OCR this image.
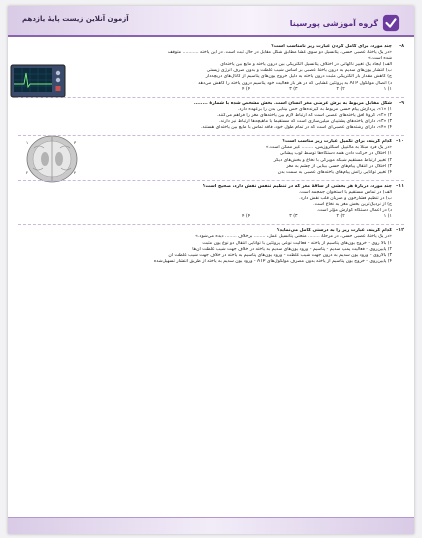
آزمون آنلاین زیست پایهٔ یازدهم	گروه آموزشی پورسینا
۱
۲
۳
۴
۸-
چند مورد، برای کامل کردن عبارت زیر نامناسب است؟
«در یک یاختهٔ عصبی حسی، پتانسیل دو سوی غشا مطابق شکل مقابل در حال ثبت است. در این یاخته ........... متوقف
شده است.»
الف) ایجاد یک تغییر ناگهانی در اختلاف پتانسیل الکتریکی بین درون یاخته و مایع بین یاخته‌ای
ب) انتشار یون‌های سدیم به درون یاختهٔ عصبی بر اساس شیب غلظت و بدون صرف انرژی زیستی
ج) کاهش مقدار بار الکتریکی مثبت درون یاخته به دلیل خروج یون‌های پتاسیم از کانال‌های دریچه‌دار
د) اتصال مولکول ATP به پروتئین غشایی که در هر بار فعالیت خود پتاسیم درون یاخته را کاهش می‌دهد
۱) ۱
۲) ۲
۳) ۳
۴) ۴
۹-
شکل مقابل مربوط به برش عرضی مغز انسان است. بخش مشخص شده با شمارهٔ ........
۱) «۱»، پردازش پیام حسی مربوط به گیرنده‌های حس بینایی بدن را برعهده دارد.
۲) «۲»، گروهٔ افق یاخته‌های عصبی است که ارتباط لازم بین یاخته‌های مغز را فراهم می‌کنند.
۳) «۳»، دارای یاخته‌های پشتیبان میلین‌سازی است که مستقیماً با ماهیچه‌ها ارتباط نیز دارند.
۴) «۴»، دارای رشته‌های عصبی‌ای است که در تمام طول خود، فاقد تماس با مایع بین یاخته‌ای هستند.
۱۰-
کدام گزینه، برای تکمیل عبارت زیر مناسب است؟
«در یک فرد مبتلا به مالتیپل اسکلروزیس، ........ غیر ممکن است.»
۱) اختلال در حرکت دادن همه دستگاه‌ها توسط لوب پیشانی
۲) تغییر ارتباط مستقیم شبکه مویرگی با نخاع و بخش‌های دیگر
۳) اختلال در انتقال پیام‌های حسی بینایی از چشم به مغز
۴) تغییر توانایی رانش پیام‌های یاخته‌های عصبی به سمت بدن
۱۱-
چند مورد، دربارهٔ هر بخشی از ساقهٔ مغز که در تنظیم تنفس نقش دارد، صحیح است؟
الف) در تماس مستقیم با استخوان جمجمه است.
ب) در تنظیم فشارخون و ضربان قلب نقش دارد.
ج) از نزدیک‌ترین بخش مغز به نخاع است.
د) در اعمال دستگاه گوارش مؤثر است.
۱) ۱
۲) ۲
۳) ۳
۴) ۴
۱۲-
کدام گزینه، عبارت زیر را به درستی کامل می‌نماید؟
«در یک یاختهٔ عصبی حسی، در مرحلهٔ ........ منحنی پتانسیل عمل، ........ برخلاف ........ دیده می‌شود.»
۱) بالا روی - خروج یون‌های پتاسیم از یاخته - فعالیت نوعی پروتئین با توانایی انتقال دو نوع یون مثبت
۲) پایین‌روی - فعالیت پمپ سدیم - پتاسیم - ورود یون‌های سدیم به یاخته در خلاف جهت شیب غلظت آن‌ها
۳) بالاروی - ورود یون سدیم به درون جهت شیب غلظت - ورود یون‌های پتاسیم به یاخته در خلاف جهت شیب غلظت آن
۴) پایین‌روی - خروج یون پتاسیم از یاخته بدون مصرف مولکول‌های ATP - ورود یون سدیم به یاخته از طریق انتشار تسهیل‌شده
